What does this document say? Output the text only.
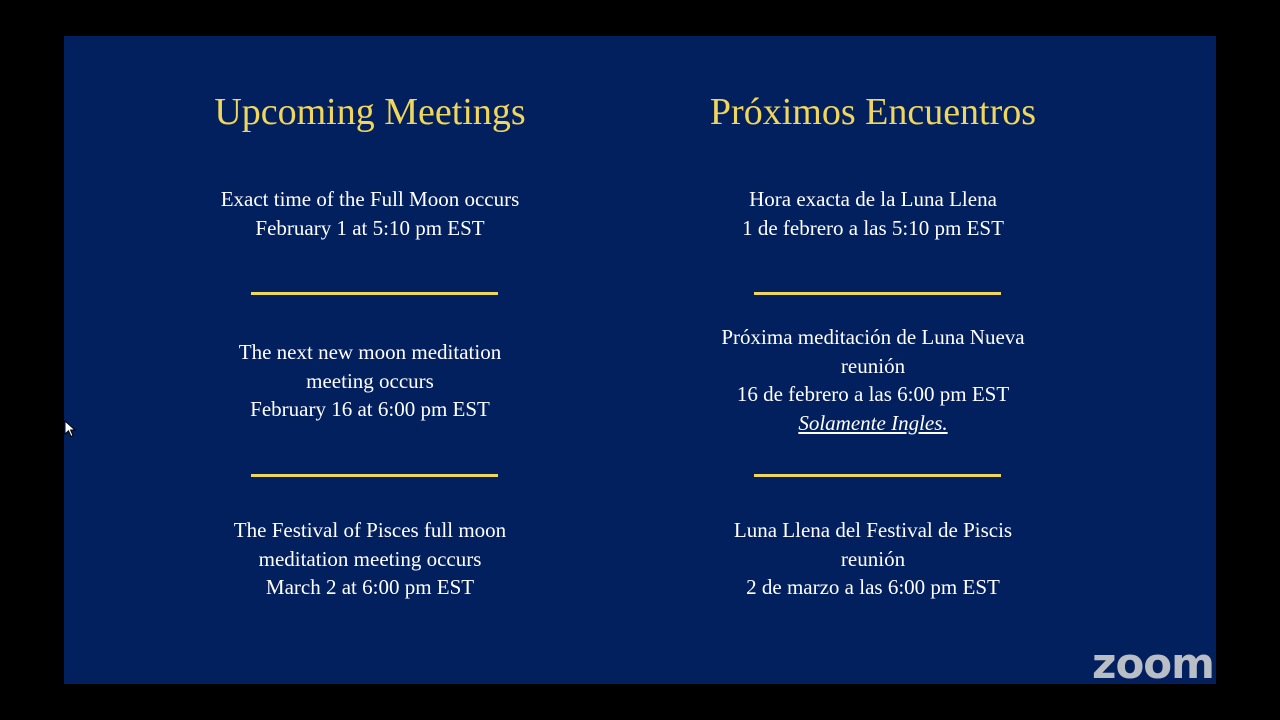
Upcoming Meetings
Exact time of the Full Moon occurs
February 1 at 5:10 pm EST
The next new moon meditation
meeting occurs
February 16 at 6:00 pm EST
The Festival of Pisces full moon
meditation meeting occurs
March 2 at 6:00 pm EST
Próximos Encuentros
Hora exacta de la Luna Llena
1 de febrero a las 5:10 pm EST
Próxima meditación de Luna Nueva
reunión
16 de febrero a las 6:00 pm EST
Solamente Ingles.
Luna Llena del Festival de Piscis
reunión
2 de marzo a las 6:00 pm EST
zoom
